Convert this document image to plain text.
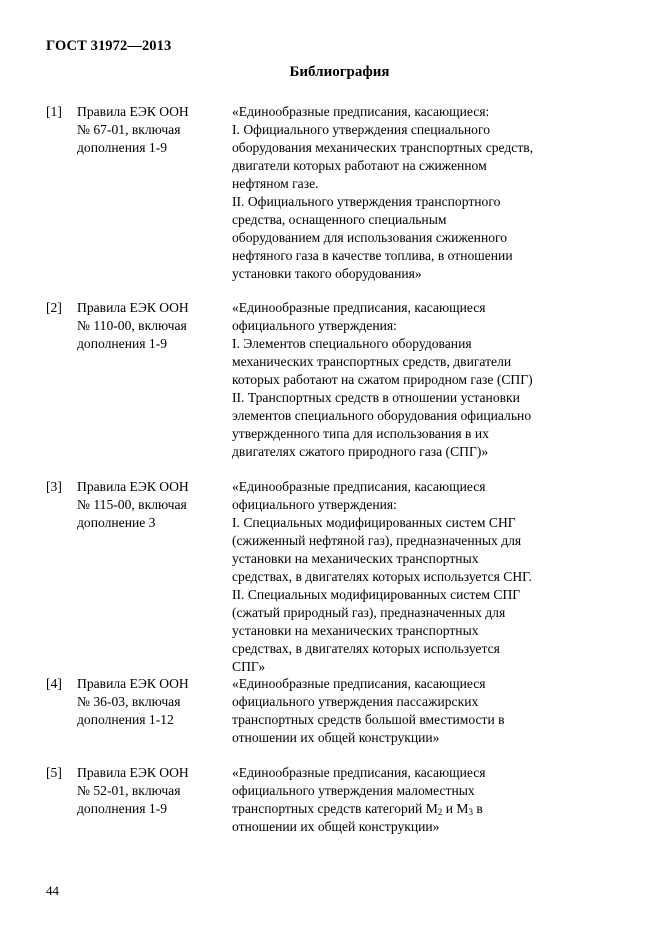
ГОСТ 31972—2013
Библиография
[1] Правила ЕЭК ООН
№ 67-01, включая
дополнения 1-9
«Единообразные предписания, касающиеся:
I. Официального утверждения специального
оборудования механических транспортных средств,
двигатели которых работают на сжиженном
нефтяном газе.
II. Официального утверждения транспортного
средства, оснащенного специальным
оборудованием для использования сжиженного
нефтяного газа в качестве топлива, в отношении
установки такого оборудования»
[2] Правила ЕЭК ООН
№ 110-00, включая
дополнения 1-9
«Единообразные предписания, касающиеся
официального утверждения:
I. Элементов специального оборудования
механических транспортных средств, двигатели
которых работают на сжатом природном газе (СПГ)
II. Транспортных средств в отношении установки
элементов специального оборудования официально
утвержденного типа для использования в их
двигателях сжатого природного газа (СПГ)»
[3] Правила ЕЭК ООН
№ 115-00, включая
дополнение 3
«Единообразные предписания, касающиеся
официального утверждения:
I. Специальных модифицированных систем СНГ
(сжиженный нефтяной газ), предназначенных для
установки на механических транспортных
средствах, в двигателях которых используется СНГ.
II. Специальных модифицированных систем СПГ
(сжатый природный газ), предназначенных для
установки на механических транспортных
средствах, в двигателях которых используется
СПГ»
[4] Правила ЕЭК ООН
№ 36-03, включая
дополнения 1-12
«Единообразные предписания, касающиеся
официального утверждения пассажирских
транспортных средств большой вместимости в
отношении их общей конструкции»
[5] Правила ЕЭК ООН
№ 52-01, включая
дополнения 1-9
«Единообразные предписания, касающиеся
официального утверждения маломестных
транспортных средств категорий $М_2$ и $М_3$ в
отношении их общей конструкции»
44
